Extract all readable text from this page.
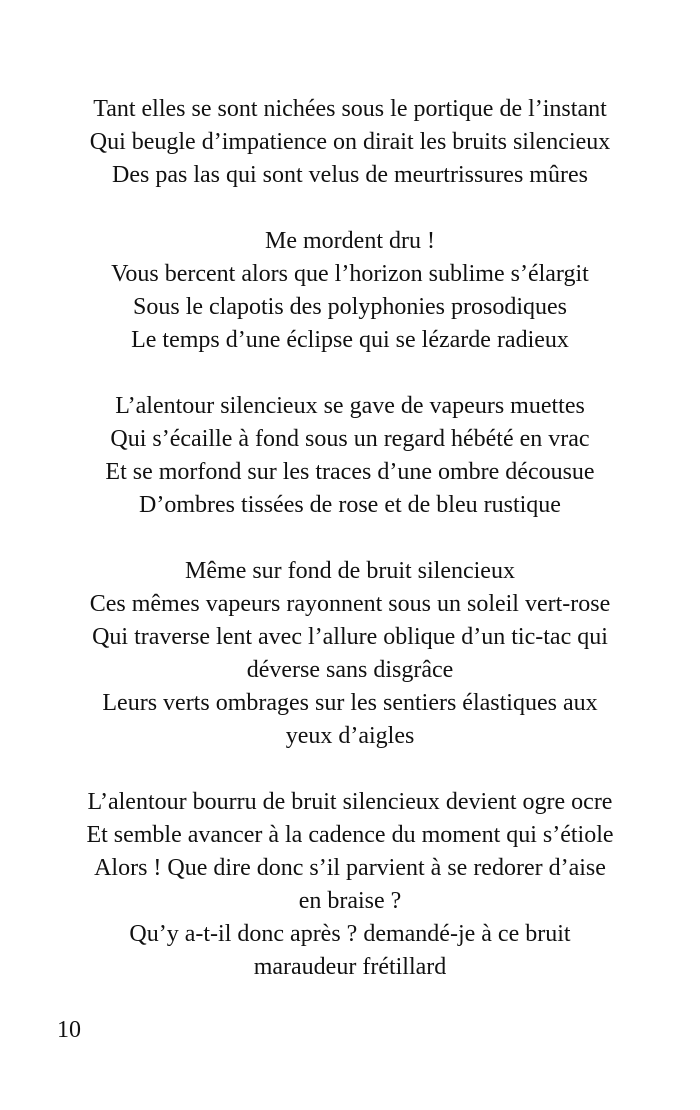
Tant elles se sont nichées sous le portique de l’instant
Qui beugle d’impatience on dirait les bruits silencieux
Des pas las qui sont velus de meurtrissures mûres
Me mordent dru !
Vous bercent alors que l’horizon sublime s’élargit
Sous le clapotis des polyphonies prosodiques
Le temps d’une éclipse qui se lézarde radieux
L’alentour silencieux se gave de vapeurs muettes
Qui s’écaille à fond sous un regard hébété en vrac
Et se morfond sur les traces d’une ombre décousue
D’ombres tissées de rose et de bleu rustique
Même sur fond de bruit silencieux
Ces mêmes vapeurs rayonnent sous un soleil vert-rose
Qui traverse lent avec l’allure oblique d’un tic-tac qui
déverse sans disgrâce
Leurs verts ombrages sur les sentiers élastiques aux
yeux d’aigles
L’alentour bourru de bruit silencieux devient ogre ocre
Et semble avancer à la cadence du moment qui s’étiole
Alors ! Que dire donc s’il parvient à se redorer d’aise
en braise ?
Qu’y a-t-il donc après ? demandé-je à ce bruit
maraudeur frétillard
10
